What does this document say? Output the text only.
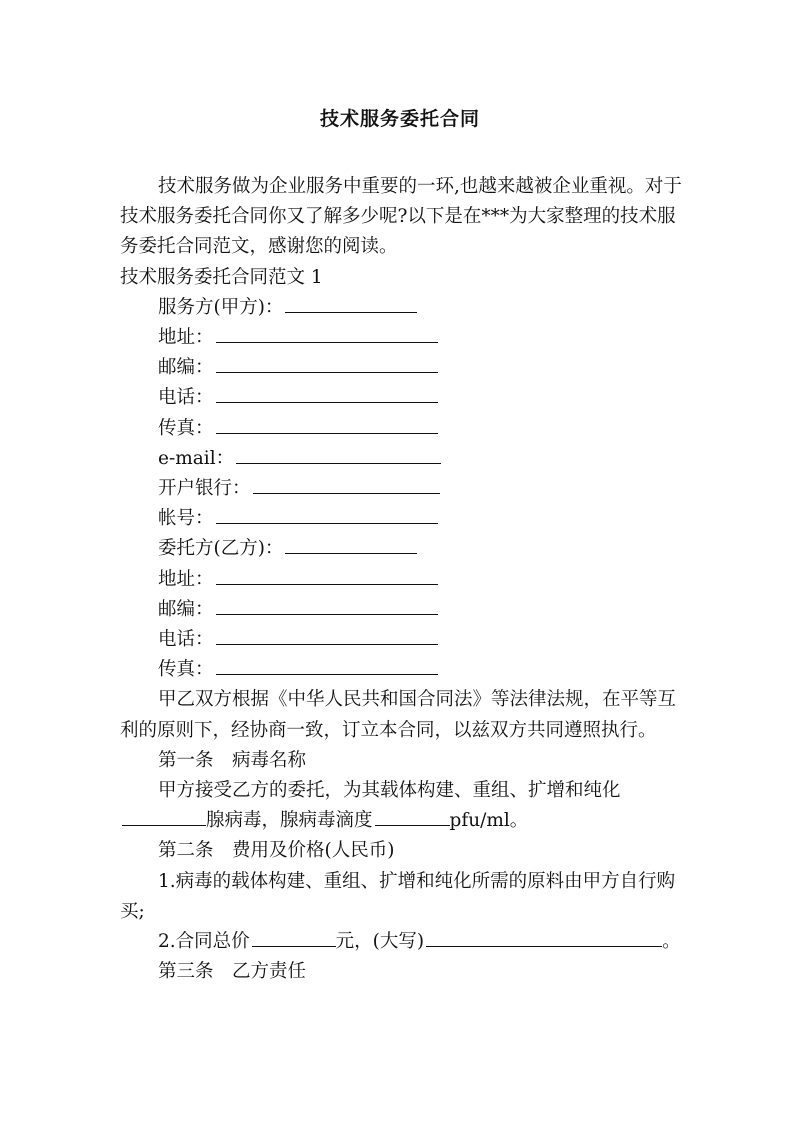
技术服务委托合同

技术服务做为企业服务中重要的一环,也越来越被企业重视。对于技术服务委托合同你又了解多少呢?以下是在***为大家整理的技术服务委托合同范文，感谢您的阅读。

技术服务委托合同范文 1

服务方(甲方)：
地址：
邮编：
电话：
传真：
e-mail：
开户银行：
帐号：
委托方(乙方)：
地址：
邮编：
电话：
传真：

甲乙双方根据《中华人民共和国合同法》等法律法规，在平等互利的原则下，经协商一致，订立本合同，以兹双方共同遵照执行。

第一条　病毒名称

甲方接受乙方的委托，为其载体构建、重组、扩增和纯化腺病毒，腺病毒滴度	pfu/ml。

第二条　费用及价格(人民币)

1.病毒的载体构建、重组、扩增和纯化所需的原料由甲方自行购买;

2.合同总价	元，(大写)	。

第三条　乙方责任
